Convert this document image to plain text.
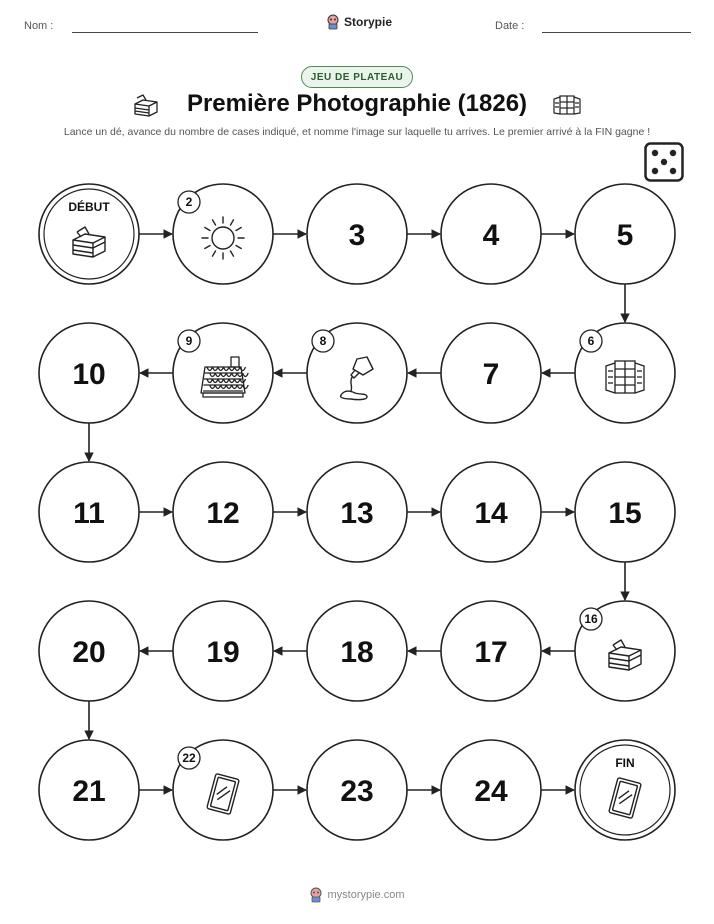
Nom :	Storypie	Date :
JEU DE PLATEAU
Première Photographie (1826)
Lance un dé, avance du nombre de cases indiqué, et nomme l'image sur laquelle tu arrives. Le premier arrivé à la FIN gagne !
DÉBUT	2
3	4	5
6
7
8
9
10
11	12	13	14	15
16
17
18
19
20
21
22
23	24
FIN
mystorypie.com
